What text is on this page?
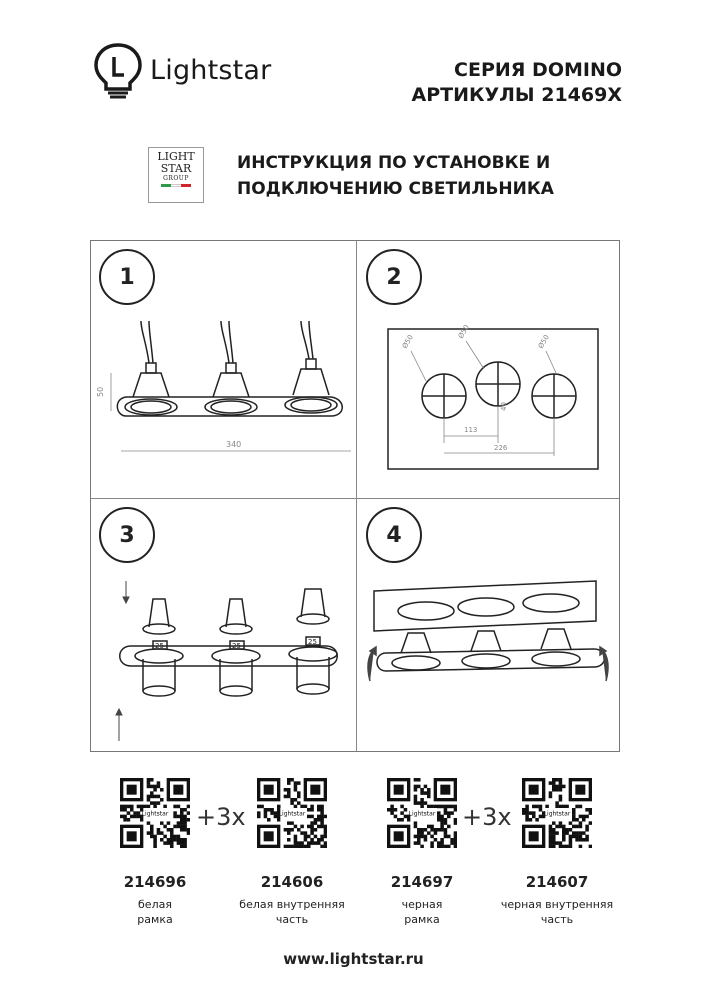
Lightstar	СЕРИЯ DOMINO
АРТИКУЛЫ 21469X
LIGHT
STAR
GROUP
ИНСТРУКЦИЯ ПО УСТАНОВКЕ И
ПОДКЛЮЧЕНИЮ СВЕТИЛЬНИКА
1	2
3	4
50
340
Ø50
Ø50
Ø50
113
226
40
25	25	25
Lightstar +3x	Lightstar	Lightstar +3x	Lightstar
214696	214606	214697	214607
белая
рамка
белая внутренняя
часть
черная
рамка
черная внутренняя
часть
www.lightstar.ru
